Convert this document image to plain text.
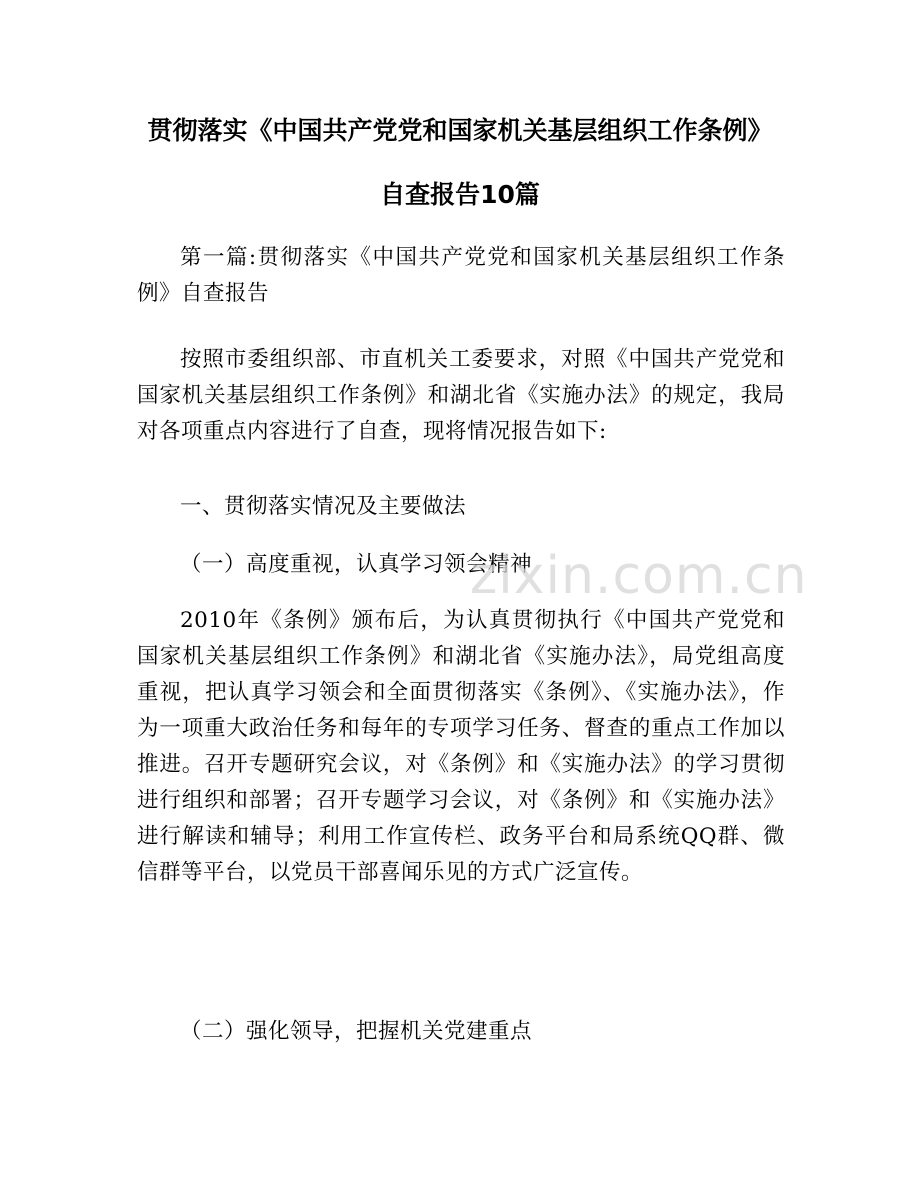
贯彻落实《中国共产党党和国家机关基层组织工作条例》
自查报告10篇

第一篇:贯彻落实《中国共产党党和国家机关基层组织工作条例》自查报告

按照市委组织部、市直机关工委要求，对照《中国共产党党和国家机关基层组织工作条例》和湖北省《实施办法》的规定，我局对各项重点内容进行了自查，现将情况报告如下:

一、贯彻落实情况及主要做法

（一）高度重视，认真学习领会精神

2010年《条例》颁布后，为认真贯彻执行《中国共产党党和国家机关基层组织工作条例》和湖北省《实施办法》，局党组高度重视，把认真学习领会和全面贯彻落实《条例》、《实施办法》，作为一项重大政治任务和每年的专项学习任务、督查的重点工作加以推进。召开专题研究会议，对《条例》和《实施办法》的学习贯彻进行组织和部署；召开专题学习会议，对《条例》和《实施办法》进行解读和辅导；利用工作宣传栏、政务平台和局系统QQ群、微信群等平台，以党员干部喜闻乐见的方式广泛宣传。

（二）强化领导，把握机关党建重点

zixin.com.cn
